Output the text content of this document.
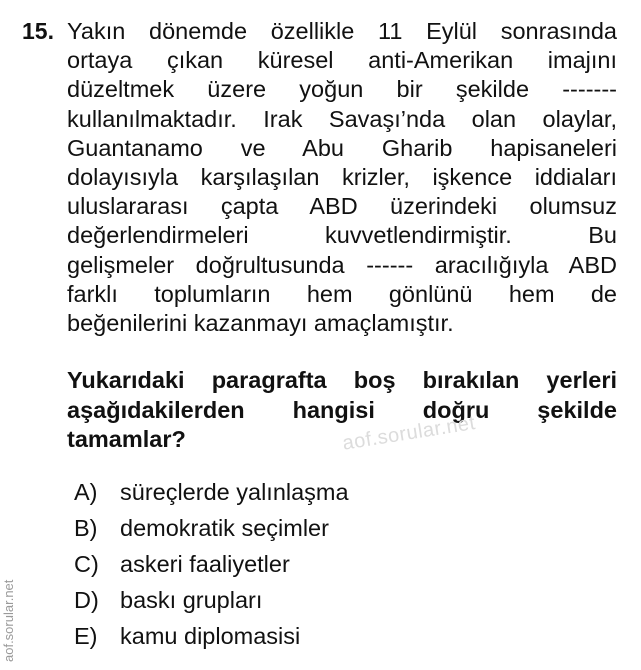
15. Yakın dönemde özellikle 11 Eylül sonrasında
ortaya çıkan küresel anti-Amerikan imajını
düzeltmek üzere yoğun bir şekilde -------
kullanılmaktadır. Irak Savaşı’nda olan olaylar,
Guantanamo ve Abu Gharib hapisaneleri
dolayısıyla karşılaşılan krizler, işkence iddiaları
uluslararası çapta ABD üzerindeki olumsuz
değerlendirmeleri kuvvetlendirmiştir. Bu
gelişmeler doğrultusunda ------ aracılığıyla ABD
farklı toplumların hem gönlünü hem de
beğenilerini kazanmayı amaçlamıştır.
Yukarıdaki paragrafta boş bırakılan yerleri
aşağıdakilerden hangisi doğru şekilde
tamamlar?
A) süreçlerde yalınlaşma
B) demokratik seçimler
C) askeri faaliyetler
D) baskı grupları
E) kamu diplomasisi
aof.sorular.net
aof.sorular.net
